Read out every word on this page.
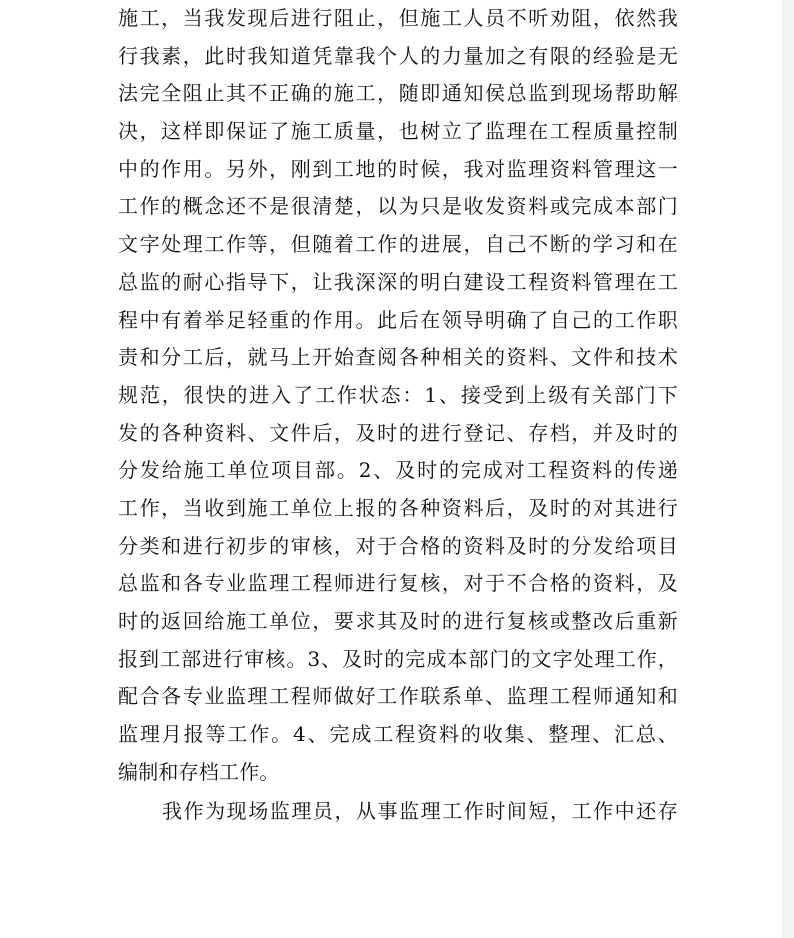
施工，当我发现后进行阻止，但施工人员不听劝阻，依然我
行我素，此时我知道凭靠我个人的力量加之有限的经验是无
法完全阻止其不正确的施工，随即通知侯总监到现场帮助解
决，这样即保证了施工质量，也树立了监理在工程质量控制
中的作用。另外，刚到工地的时候，我对监理资料管理这一
工作的概念还不是很清楚，以为只是收发资料或完成本部门
文字处理工作等，但随着工作的进展，自己不断的学习和在
总监的耐心指导下，让我深深的明白建设工程资料管理在工
程中有着举足轻重的作用。此后在领导明确了自己的工作职
责和分工后，就马上开始查阅各种相关的资料、文件和技术
规范，很快的进入了工作状态：1、接受到上级有关部门下
发的各种资料、文件后，及时的进行登记、存档，并及时的
分发给施工单位项目部。2、及时的完成对工程资料的传递
工作，当收到施工单位上报的各种资料后，及时的对其进行
分类和进行初步的审核，对于合格的资料及时的分发给项目
总监和各专业监理工程师进行复核，对于不合格的资料，及
时的返回给施工单位，要求其及时的进行复核或整改后重新
报到工部进行审核。3、及时的完成本部门的文字处理工作，
配合各专业监理工程师做好工作联系单、监理工程师通知和
监理月报等工作。4、完成工程资料的收集、整理、汇总、
编制和存档工作。
我作为现场监理员，从事监理工作时间短，工作中还存
